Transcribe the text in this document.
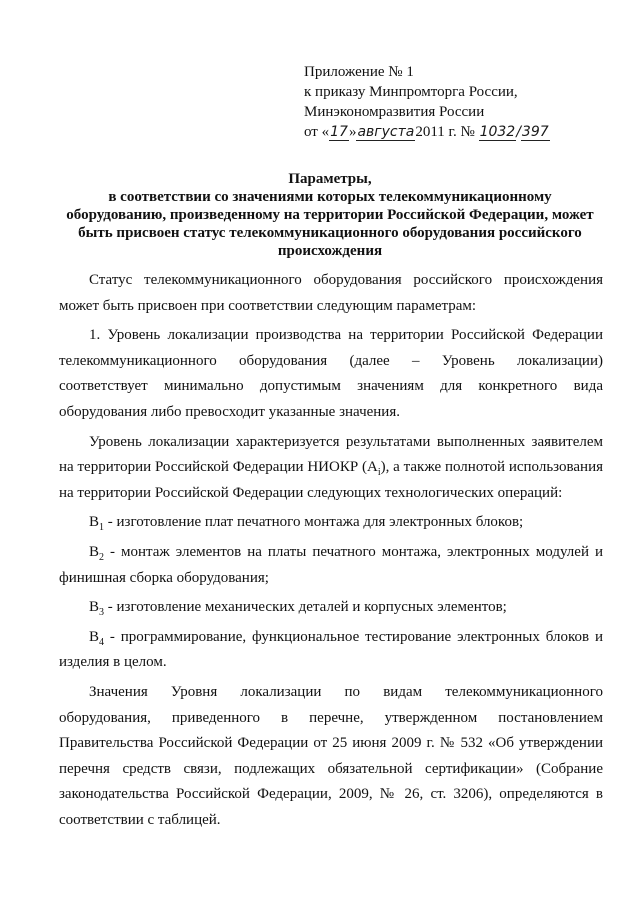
Приложение № 1
к приказу Минпромторга России,
Минэкономразвития России
от «17»августа2011 г. № 1032/397
Параметры,
в соответствии со значениями которых телекоммуникационному
оборудованию, произведенному на территории Российской Федерации, может
быть присвоен статус телекоммуникационного оборудования российского
происхождения
Статус телекоммуникационного оборудования российского происхождения
может быть присвоен при соответствии следующим параметрам:
1. Уровень локализации производства на территории Российской Федерации
телекоммуникационного оборудования (далее – Уровень локализации)
соответствует минимально допустимым значениям для конкретного вида
оборудования либо превосходит указанные значения.
Уровень локализации характеризуется результатами выполненных заявителем
на территории Российской Федерации НИОКР $(A_i)$, а также полнотой использования
на территории Российской Федерации следующих технологических операций:
$B_1$ - изготовление плат печатного монтажа для электронных блоков;
$B_2$ - монтаж элементов на платы печатного монтажа, электронных модулей и
финишная сборка оборудования;
$B_3$ - изготовление механических деталей и корпусных элементов;
$B_4$ - программирование, функциональное тестирование электронных блоков и
изделия в целом.
Значения Уровня локализации по видам телекоммуникационного
оборудования, приведенного в перечне, утвержденном постановлением
Правительства Российской Федерации от 25 июня 2009 г. № 532 «Об утверждении
перечня средств связи, подлежащих обязательной сертификации» (Собрание
законодательства Российской Федерации, 2009, № 26, ст. 3206), определяются в
соответствии с таблицей.
